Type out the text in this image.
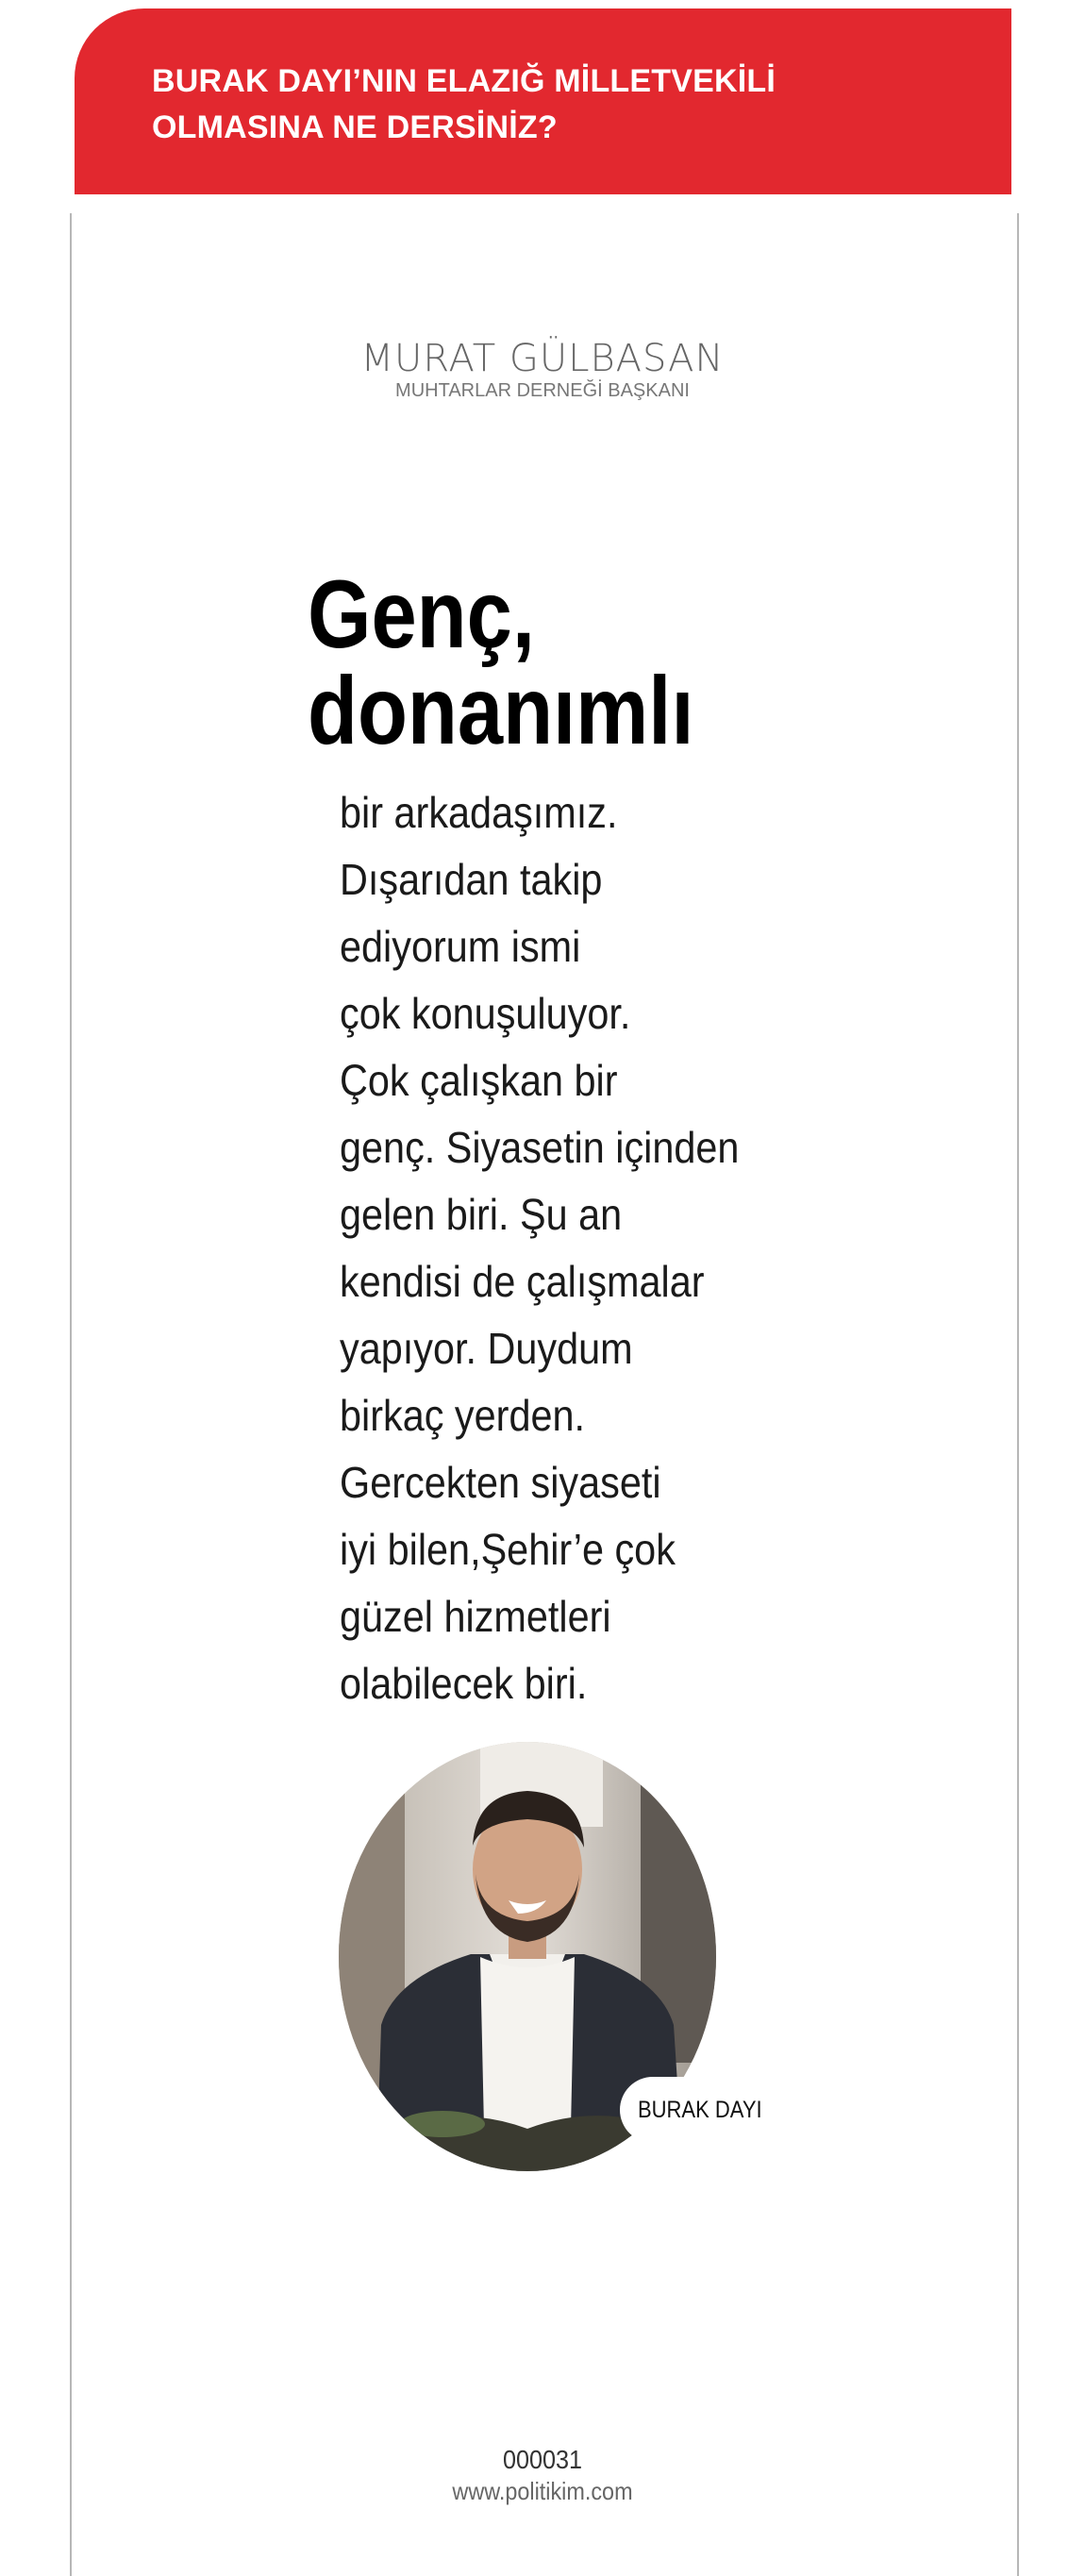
BURAK DAYI’NIN ELAZIĞ MİLLETVEKİLİ
OLMASINA NE DERSİNİZ?
MURAT GÜLBASAN
MUHTARLAR DERNEĞİ BAŞKANI
Genç,
donanımlı
bir arkadaşımız.
Dışarıdan takip
ediyorum ismi
çok konuşuluyor.
Çok çalışkan bir
genç. Siyasetin içinden
gelen biri. Şu an
kendisi de çalışmalar
yapıyor. Duydum
birkaç yerden.
Gercekten siyaseti
iyi bilen,Şehir’e çok
güzel hizmetleri
olabilecek biri.
BURAK DAYI
000031
www.politikim.com
